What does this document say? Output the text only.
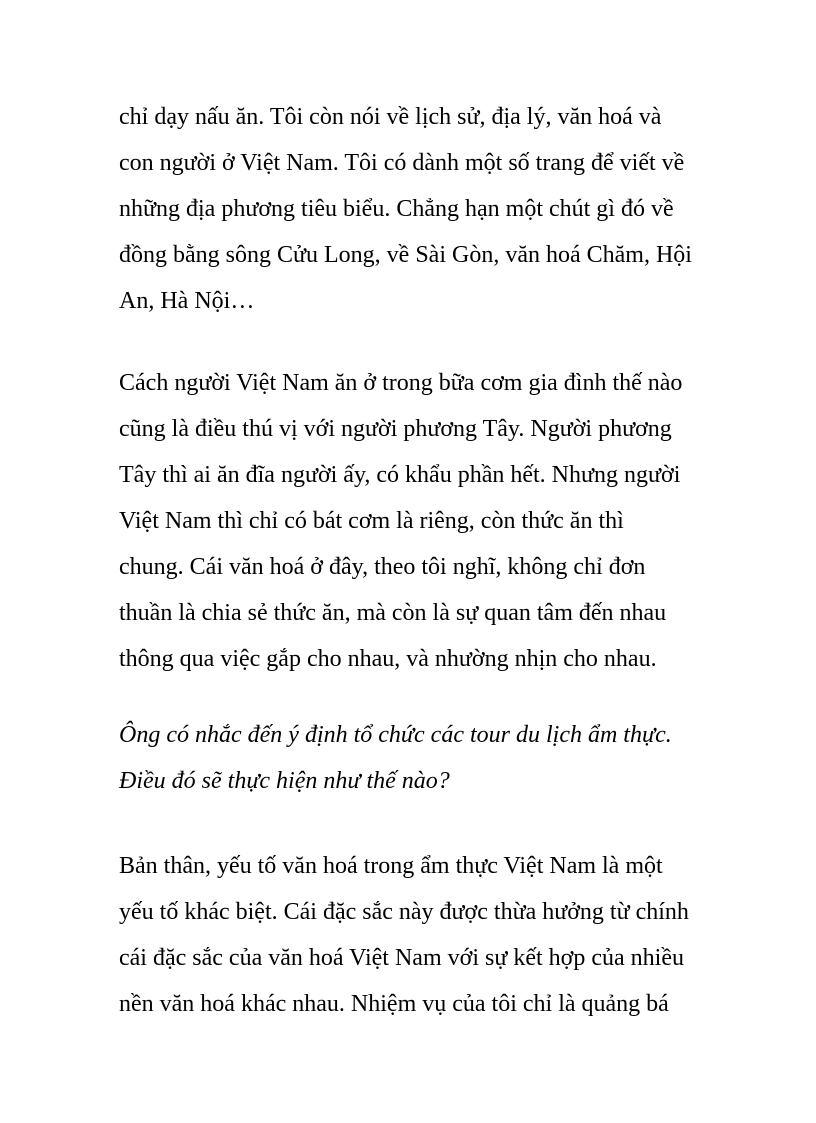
chỉ dạy nấu ăn. Tôi còn nói về lịch sử, địa lý, văn hoá và
con người ở Việt Nam. Tôi có dành một số trang để viết về
những địa phương tiêu biểu. Chẳng hạn một chút gì đó về
đồng bằng sông Cửu Long, về Sài Gòn, văn hoá Chăm, Hội
An, Hà Nội…
Cách người Việt Nam ăn ở trong bữa cơm gia đình thế nào
cũng là điều thú vị với người phương Tây. Người phương
Tây thì ai ăn đĩa người ấy, có khẩu phần hết. Nhưng người
Việt Nam thì chỉ có bát cơm là riêng, còn thức ăn thì
chung. Cái văn hoá ở đây, theo tôi nghĩ, không chỉ đơn
thuần là chia sẻ thức ăn, mà còn là sự quan tâm đến nhau
thông qua việc gắp cho nhau, và nhường nhịn cho nhau.
Ông có nhắc đến ý định tổ chức các tour du lịch ẩm thực.
Điều đó sẽ thực hiện như thế nào?
Bản thân, yếu tố văn hoá trong ẩm thực Việt Nam là một
yếu tố khác biệt. Cái đặc sắc này được thừa hưởng từ chính
cái đặc sắc của văn hoá Việt Nam với sự kết hợp của nhiều
nền văn hoá khác nhau. Nhiệm vụ của tôi chỉ là quảng bá
